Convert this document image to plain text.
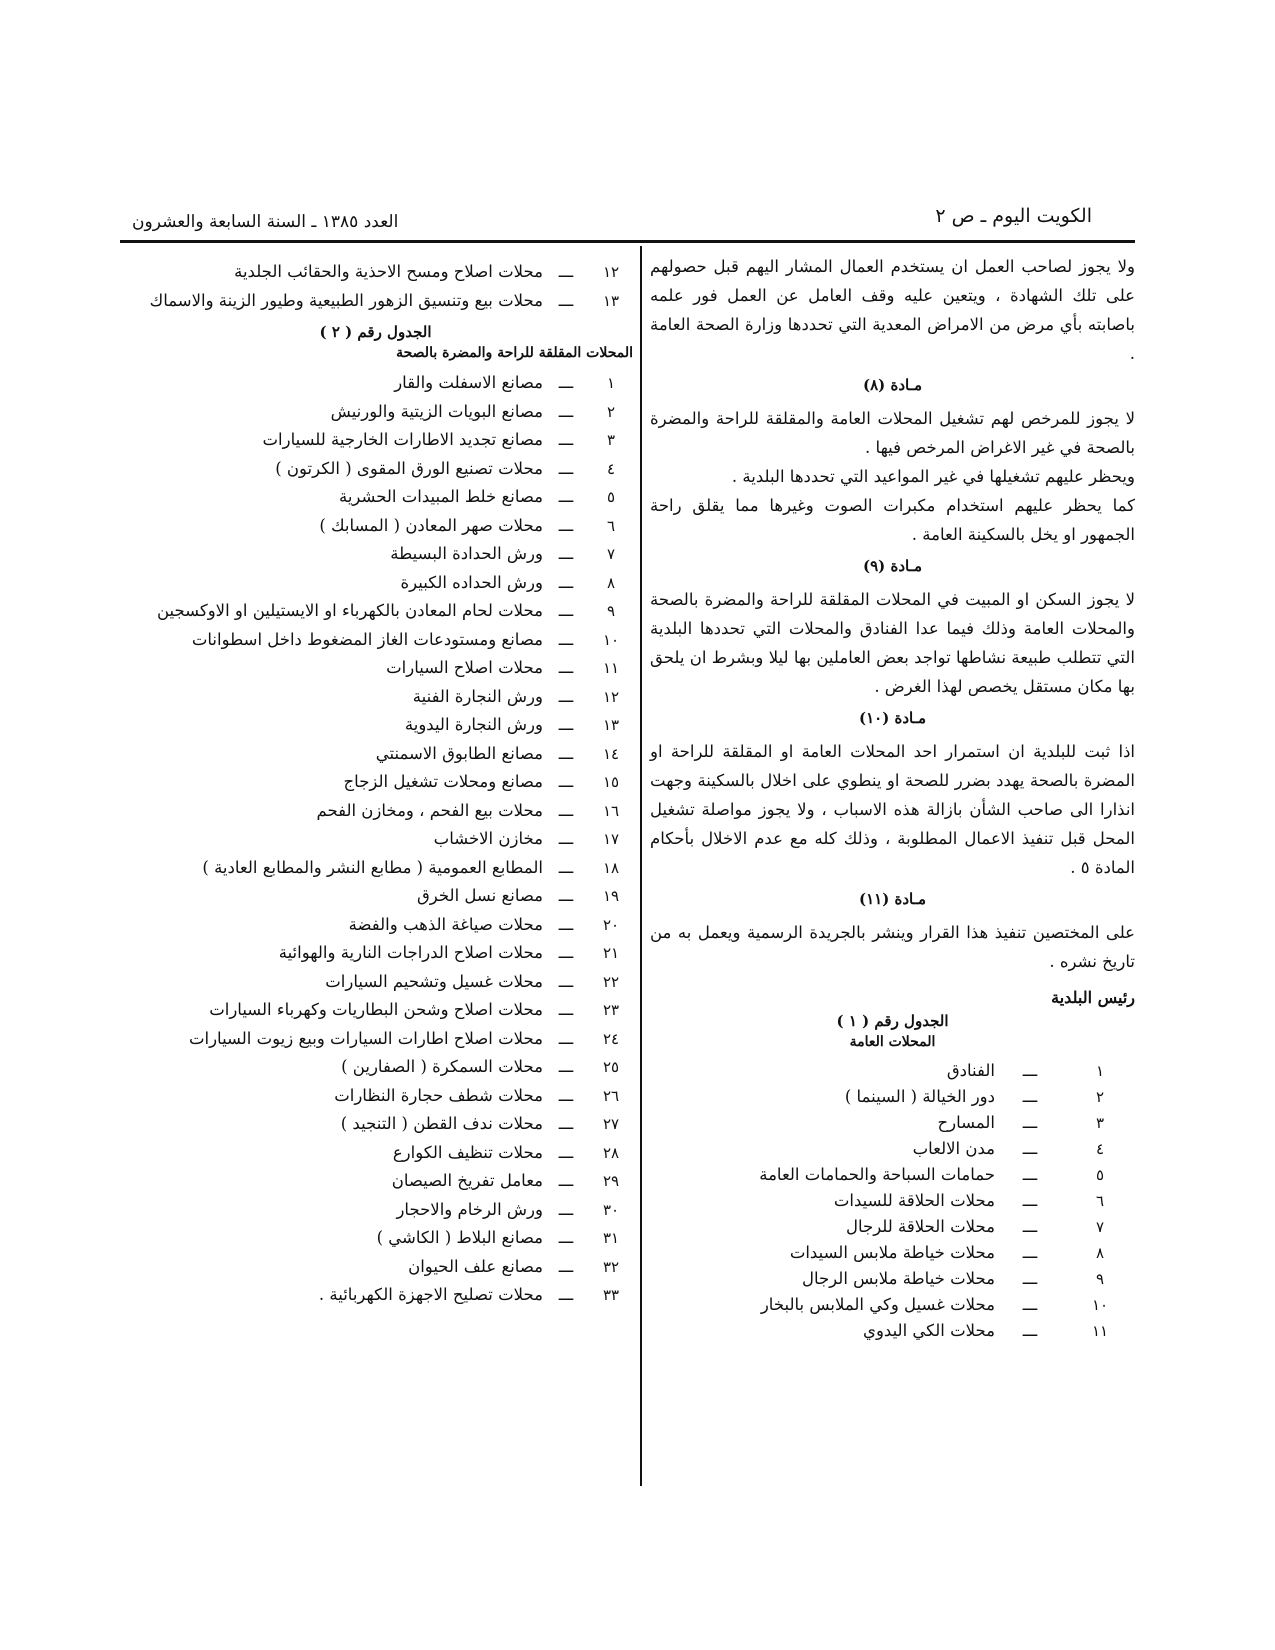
الكويت اليوم ـ ص ٢
العدد ١٣٨٥ ـ السنة السابعة والعشرون

ولا يجوز لصاحب العمل ان يستخدم العمال المشار اليهم قبل حصولهم على تلك الشهادة ، ويتعين عليه وقف العامل عن العمل فور علمه باصابته بأي مرض من الامراض المعدية التي تحددها وزارة الصحة العامة .

مـادة (٨)

لا يجوز للمرخص لهم تشغيل المحلات العامة والمقلقة للراحة والمضرة بالصحة في غير الاغراض المرخص فيها .

ويحظر عليهم تشغيلها في غير المواعيد التي تحددها البلدية .

كما يحظر عليهم استخدام مكبرات الصوت وغيرها مما يقلق راحة الجمهور او يخل بالسكينة العامة .

مـادة (٩)

لا يجوز السكن او المبيت في المحلات المقلقة للراحة والمضرة بالصحة والمحلات العامة وذلك فيما عدا الفنادق والمحلات التي تحددها البلدية التي تتطلب طبيعة نشاطها تواجد بعض العاملين بها ليلا وبشرط ان يلحق بها مكان مستقل يخصص لهذا الغرض .

مـادة (١٠)

اذا ثبت للبلدية ان استمرار احد المحلات العامة او المقلقة للراحة او المضرة بالصحة يهدد بضرر للصحة او ينطوي على اخلال بالسكينة وجهت انذارا الى صاحب الشأن بازالة هذه الاسباب ، ولا يجوز مواصلة تشغيل المحل قبل تنفيذ الاعمال المطلوبة ، وذلك كله مع عدم الاخلال بأحكام المادة ٥ .

مـادة (١١)

على المختصين تنفيذ هذا القرار وينشر بالجريدة الرسمية ويعمل به من تاريخ نشره .

رئيس البلدية
الجدول رقم ( ١ )
المحلات العامة
١
ـــ
الفنادق
٢
ـــ
دور الخيالة ( السينما )
٣
ـــ
المسارح
٤
ـــ
مدن الالعاب
٥
ـــ
حمامات السباحة والحمامات العامة
٦
ـــ
محلات الحلاقة للسيدات
٧
ـــ
محلات الحلاقة للرجال
٨
ـــ
محلات خياطة ملابس السيدات
٩
ـــ
محلات خياطة ملابس الرجال
١٠
ـــ
محلات غسيل وكي الملابس بالبخار
١١
ـــ
محلات الكي اليدوي
١٢
ـــ
محلات اصلاح ومسح الاحذية والحقائب الجلدية
١٣
ـــ
محلات بيع وتنسيق الزهور الطبيعية وطيور الزينة والاسماك
الجدول رقم ( ٢ )
المحلات المقلقة للراحة والمضرة بالصحة
١
ـــ
مصانع الاسفلت والقار
٢
ـــ
مصانع البويات الزيتية والورنيش
٣
ـــ
مصانع تجديد الاطارات الخارجية للسيارات
٤
ـــ
محلات تصنيع الورق المقوى ( الكرتون )
٥
ـــ
مصانع خلط المبيدات الحشرية
٦
ـــ
محلات صهر المعادن ( المسابك )
٧
ـــ
ورش الحدادة البسيطة
٨
ـــ
ورش الحداده الكبيرة
٩
ـــ
محلات لحام المعادن بالكهرباء او الايستيلين او الاوكسجين
١٠
ـــ
مصانع ومستودعات الغاز المضغوط داخل اسطوانات
١١
ـــ
محلات اصلاح السيارات
١٢
ـــ
ورش النجارة الفنية
١٣
ـــ
ورش النجارة اليدوية
١٤
ـــ
مصانع الطابوق الاسمنتي
١٥
ـــ
مصانع ومحلات تشغيل الزجاج
١٦
ـــ
محلات بيع الفحم ، ومخازن الفحم
١٧
ـــ
مخازن الاخشاب
١٨
ـــ
المطابع العمومية ( مطابع النشر والمطابع العادية )
١٩
ـــ
مصانع نسل الخرق
٢٠
ـــ
محلات صياغة الذهب والفضة
٢١
ـــ
محلات اصلاح الدراجات النارية والهوائية
٢٢
ـــ
محلات غسيل وتشحيم السيارات
٢٣
ـــ
محلات اصلاح وشحن البطاريات وكهرباء السيارات
٢٤
ـــ
محلات اصلاح اطارات السيارات وبيع زيوت السيارات
٢٥
ـــ
محلات السمكرة ( الصفارين )
٢٦
ـــ
محلات شطف حجارة النظارات
٢٧
ـــ
محلات ندف القطن ( التنجيد )
٢٨
ـــ
محلات تنظيف الكوارع
٢٩
ـــ
معامل تفريخ الصيصان
٣٠
ـــ
ورش الرخام والاحجار
٣١
ـــ
مصانع البلاط ( الكاشي )
٣٢
ـــ
مصانع علف الحيوان
٣٣
ـــ
محلات تصليح الاجهزة الكهربائية .
